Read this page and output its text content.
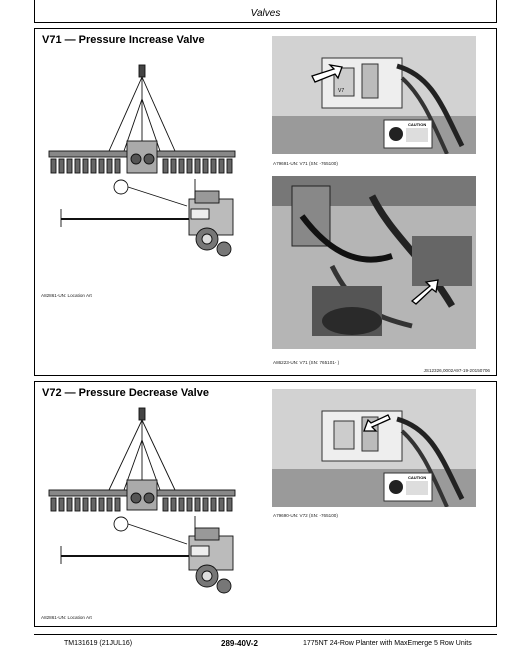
Valves
V71 — Pressure Increase Valve
A82861-UN: Location Art
V7
CAUTION
A79691-UN: V71 (SN: -765100)
A86223-UN: V71 (SN: 765101- )
JS12326,0002A97-19-20150706
V72 — Pressure Decrease Valve
A82861-UN: Location Art
CAUTION
A79690-UN: V72 (SN: -765100)
TM131619 (21JUL16)	289-40V-2	1775NT 24-Row Planter with MaxEmerge 5 Row Units
